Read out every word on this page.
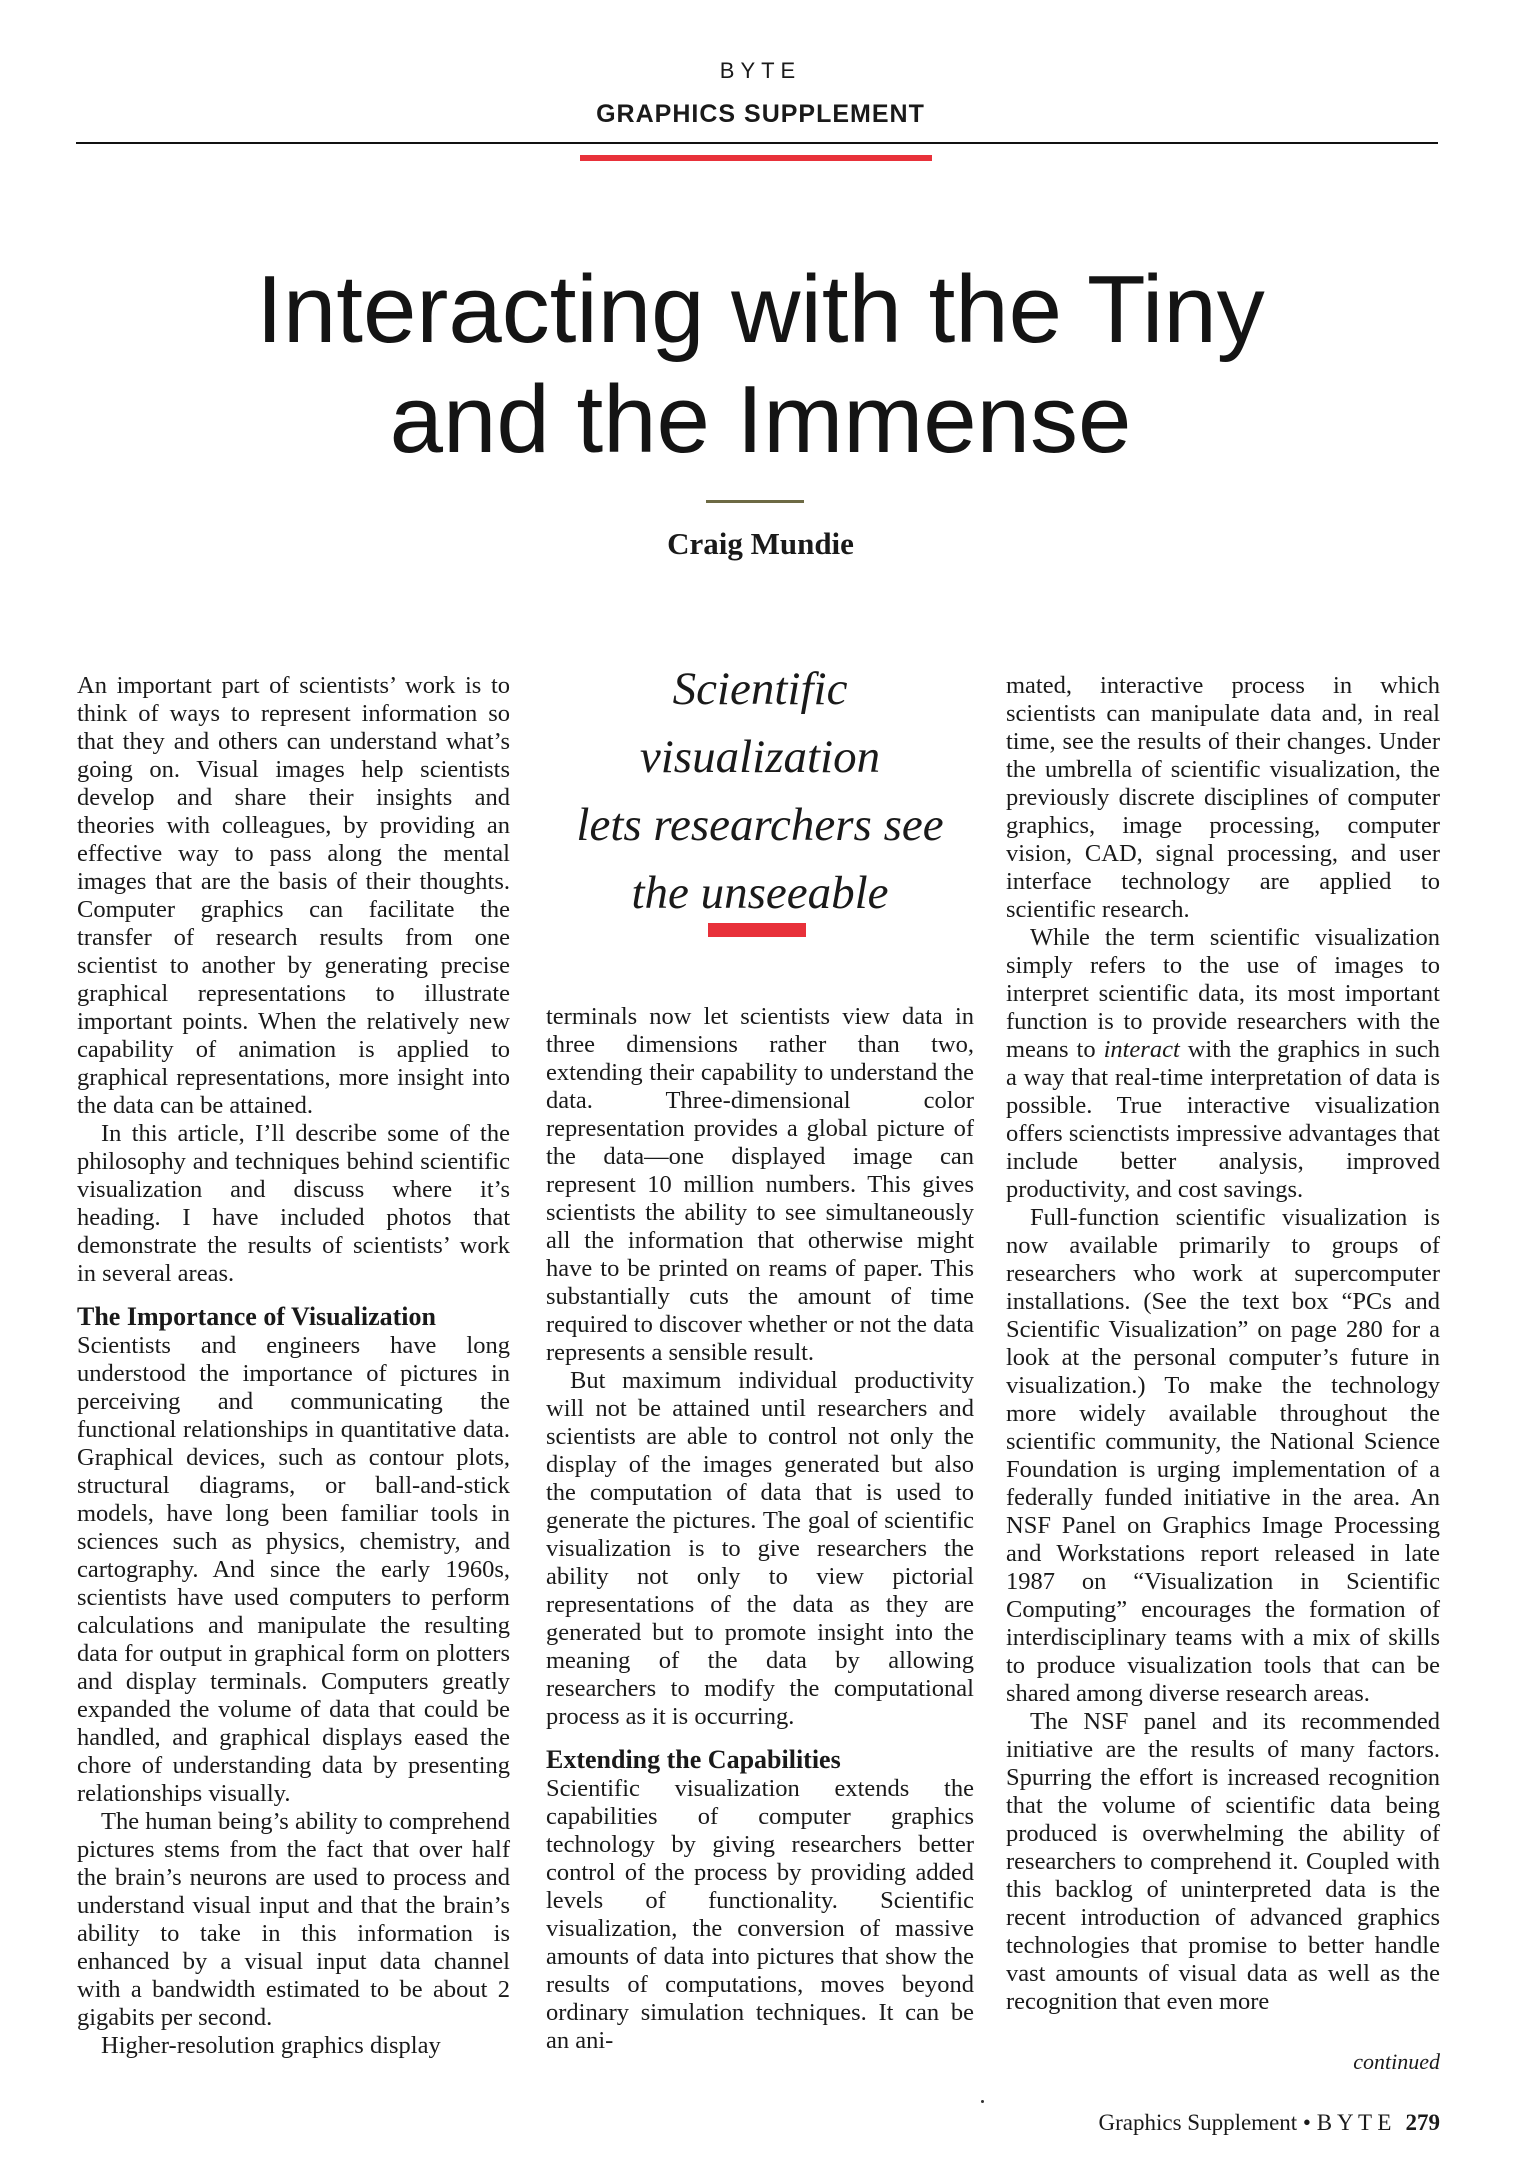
BYTE
GRAPHICS SUPPLEMENT
Interacting with the Tiny
and the Immense
Craig Mundie

An important part of scientists’ work is to think of ways to represent information so that they and others can understand what’s going on. Visual images help scientists develop and share their insights and theories with colleagues, by providing an effective way to pass along the mental images that are the basis of their thoughts. Computer graphics can facilitate the transfer of research results from one scientist to another by generating precise graphical representations to illustrate important points. When the relatively new capability of animation is applied to graphical representations, more insight into the data can be attained.

In this article, I’ll describe some of the philosophy and techniques behind scientific visualization and discuss where it’s heading. I have included photos that demonstrate the results of scientists’ work in several areas.

The Importance of Visualization

Scientists and engineers have long understood the importance of pictures in perceiving and communicating the functional relationships in quantitative data. Graphical devices, such as contour plots, structural diagrams, or ball-and-stick models, have long been familiar tools in sciences such as physics, chemistry, and cartography. And since the early 1960s, scientists have used computers to perform calculations and manipulate the resulting data for output in graphical form on plotters and display terminals. Computers greatly expanded the volume of data that could be handled, and graphical displays eased the chore of understanding data by presenting relationships visually.

The human being’s ability to comprehend pictures stems from the fact that over half the brain’s neurons are used to process and understand visual input and that the brain’s ability to take in this information is enhanced by a visual input data channel with a bandwidth estimated to be about 2 gigabits per second.

Higher-resolution graphics display

Scientific
visualization
lets researchers see
the unseeable

terminals now let scientists view data in three dimensions rather than two, extending their capability to understand the data. Three-dimensional color representation provides a global picture of the data—one displayed image can represent 10 million numbers. This gives scientists the ability to see simultaneously all the information that otherwise might have to be printed on reams of paper. This substantially cuts the amount of time required to discover whether or not the data represents a sensible result.

But maximum individual productivity will not be attained until researchers and scientists are able to control not only the display of the images generated but also the computation of data that is used to generate the pictures. The goal of scientific visualization is to give researchers the ability not only to view pictorial representations of the data as they are generated but to promote insight into the meaning of the data by allowing researchers to modify the computational process as it is occurring.

Extending the Capabilities

Scientific visualization extends the capabilities of computer graphics technology by giving researchers better control of the process by providing added levels of functionality. Scientific visualization, the conversion of massive amounts of data into pictures that show the results of computations, moves beyond ordinary simulation techniques. It can be an ani-

mated, interactive process in which scientists can manipulate data and, in real time, see the results of their changes. Under the umbrella of scientific visualization, the previously discrete disciplines of computer graphics, image processing, computer vision, CAD, signal processing, and user interface technology are applied to scientific research.

While the term scientific visualization simply refers to the use of images to interpret scientific data, its most important function is to provide researchers with the means to interact with the graphics in such a way that real-time interpretation of data is possible. True interactive visualization offers scienctists impressive advantages that include better analysis, improved productivity, and cost savings.

Full-function scientific visualization is now available primarily to groups of researchers who work at supercomputer installations. (See the text box “PCs and Scientific Visualization” on page 280 for a look at the personal computer’s future in visualization.) To make the technology more widely available throughout the scientific community, the National Science Foundation is urging implementation of a federally funded initiative in the area. An NSF Panel on Graphics Image Processing and Workstations report released in late 1987 on “Visualization in Scientific Computing” encourages the formation of interdisciplinary teams with a mix of skills to produce visualization tools that can be shared among diverse research areas.

The NSF panel and its recommended initiative are the results of many factors. Spurring the effort is increased recognition that the volume of scientific data being produced is overwhelming the ability of researchers to comprehend it. Coupled with this backlog of uninterpreted data is the recent introduction of advanced graphics technologies that promise to better handle vast amounts of visual data as well as the recognition that even more

continued
Graphics Supplement • B Y T E 279
